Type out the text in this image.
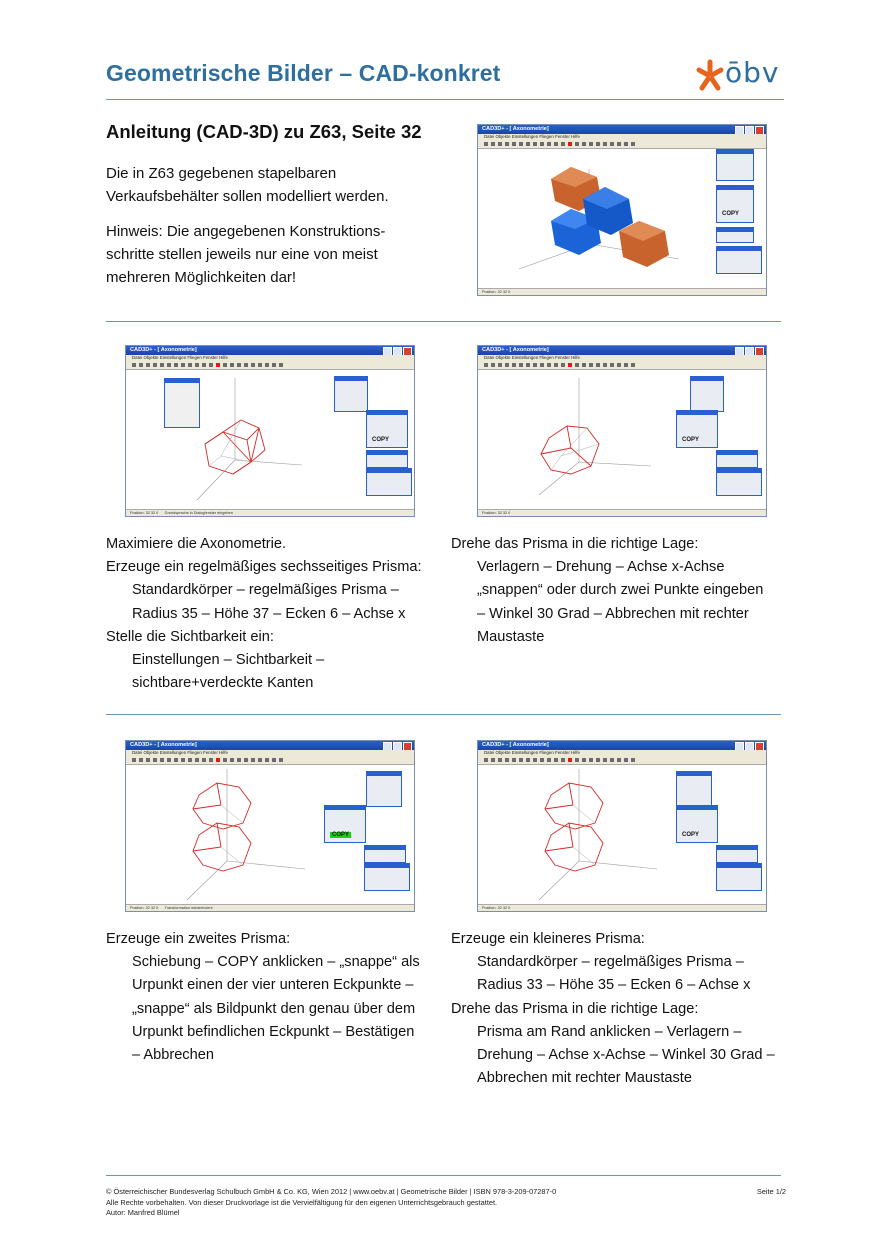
Geometrische Bilder – CAD-konkret	ōbv
Anleitung (CAD-3D) zu Z63, Seite 32

Die in Z63 gegebenen stapelbaren
Verkaufsbehälter sollen modelliert werden.

Hinweis: Die angegebenen Konstruktions-
schritte stellen jeweils nur eine von meist
mehreren Möglichkeiten dar!

CAD3D+ - [ Axonometrie]
Datei Objekte Einstellungen Fliegen Fenster Hilfe
COPY
Position: 32 32 0
CAD3D+ - [ Axonometrie]
Datei Objekte Einstellungen Fliegen Fenster Hilfe
COPY
Position: 32 32 0 Grundsprache in Dialogfenster eingeben
CAD3D+ - [ Axonometrie]
Datei Objekte Einstellungen Fliegen Fenster Hilfe
COPY
Position: 32 32 0
Maximiere die Axonometrie.
Erzeuge ein regelmäßiges sechsseitiges Prisma:
Standardkörper – regelmäßiges Prisma –
Radius 35 – Höhe 37 – Ecken 6 – Achse x
Stelle die Sichtbarkeit ein:
Einstellungen – Sichtbarkeit –
sichtbare+verdeckte Kanten
Drehe das Prisma in die richtige Lage:
Verlagern – Drehung – Achse x-Achse
„snappen“ oder durch zwei Punkte eingeben
– Winkel 30 Grad – Abbrechen mit rechter
Maustaste
CAD3D+ - [ Axonometrie]
Datei Objekte Einstellungen Fliegen Fenster Hilfe
COPY
Position: 32 32 0 Transformation wiederholen!
CAD3D+ - [ Axonometrie]
Datei Objekte Einstellungen Fliegen Fenster Hilfe
COPY
Position: 32 32 0
Erzeuge ein zweites Prisma:
Schiebung – COPY anklicken – „snappe“ als
Urpunkt einen der vier unteren Eckpunkte –
„snappe“ als Bildpunkt den genau über dem
Urpunkt befindlichen Eckpunkt – Bestätigen
– Abbrechen
Erzeuge ein kleineres Prisma:
Standardkörper – regelmäßiges Prisma –
Radius 33 – Höhe 35 – Ecken 6 – Achse x
Drehe das Prisma in die richtige Lage:
Prisma am Rand anklicken – Verlagern –
Drehung – Achse x-Achse – Winkel 30 Grad –
Abbrechen mit rechter Maustaste
© Österreichischer Bundesverlag Schulbuch GmbH & Co. KG, Wien 2012 | www.oebv.at | Geometrische Bilder | ISBN 978-3-209-07287-0
Alle Rechte vorbehalten. Von dieser Druckvorlage ist die Vervielfältigung für den eigenen Unterrichtsgebrauch gestattet.
Autor: Manfred Blümel
Seite 1/2
